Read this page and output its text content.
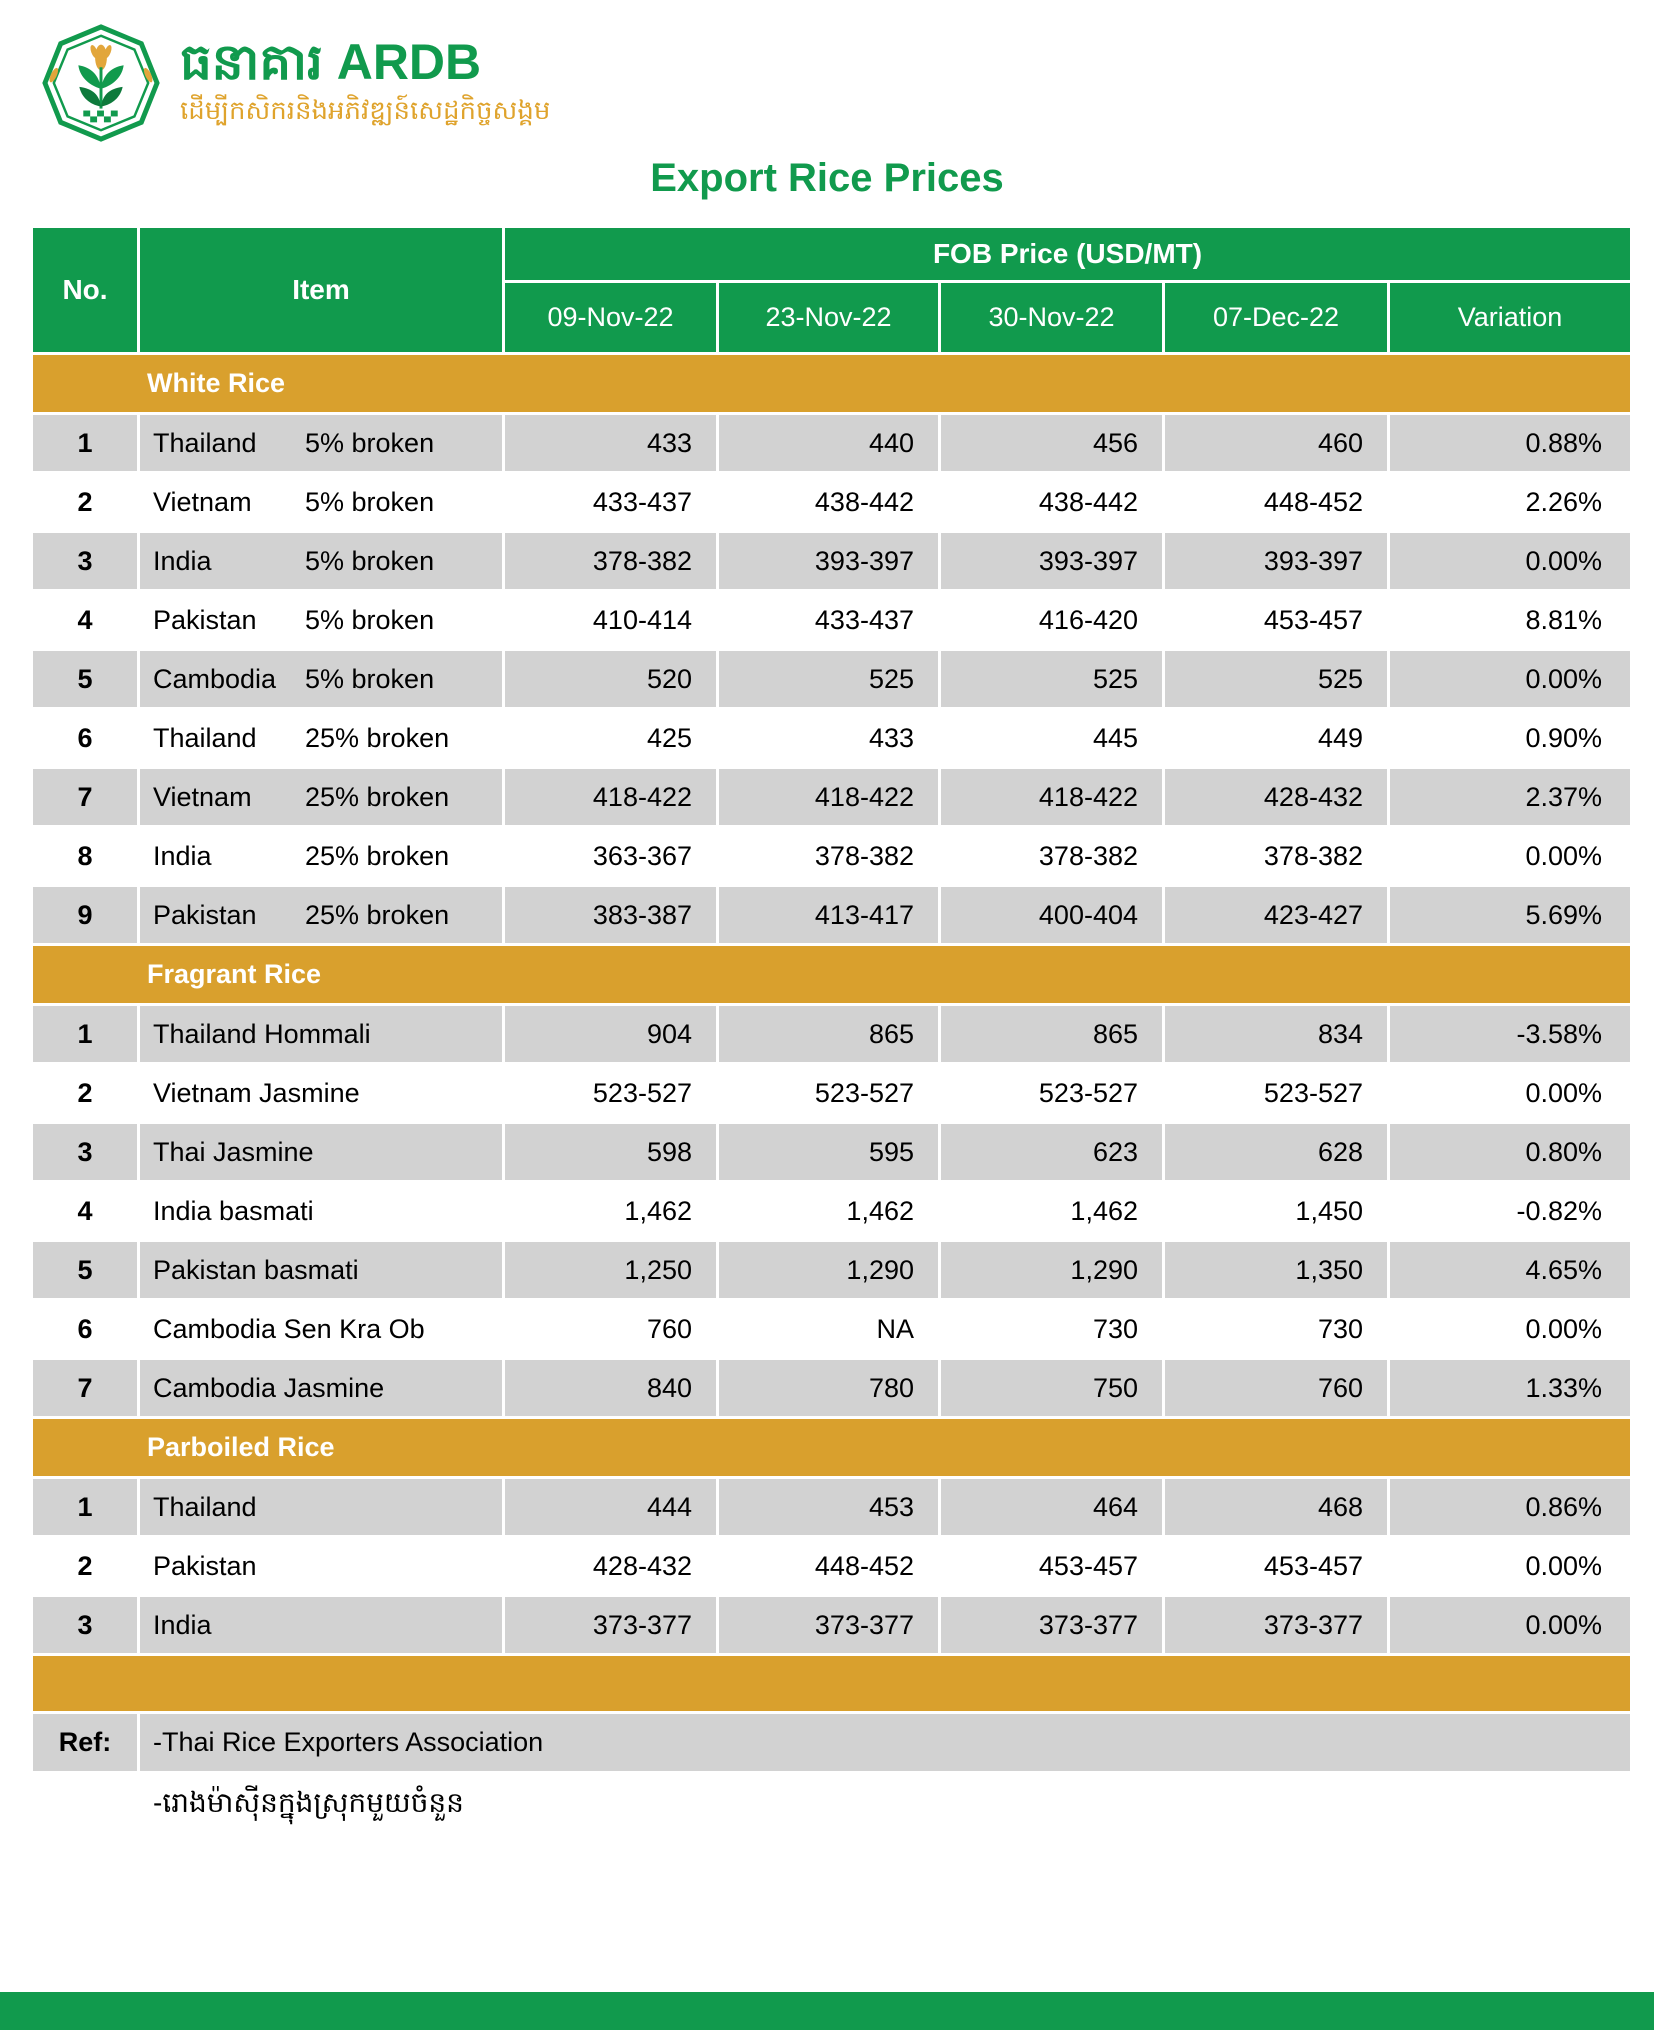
ធនាគារ ARDB
ដើម្បីកសិករនិងអភិវឌ្ឍន៍សេដ្ឋកិច្ចសង្គម
Export Rice Prices
No.	Item	FOB Price (USD/MT)				
		09-Nov-22	23-Nov-22	30-Nov-22	07-Dec-22	Variation
White Rice						
1	Thailand 5% broken	433	440	456	460	0.88%
2	Vietnam 5% broken	433-437	438-442	438-442	448-452	2.26%
3	India 5% broken	378-382	393-397	393-397	393-397	0.00%
4	Pakistan 5% broken	410-414	433-437	416-420	453-457	8.81%
5	Cambodia 5% broken	520	525	525	525	0.00%
6	Thailand 25% broken	425	433	445	449	0.90%
7	Vietnam 25% broken	418-422	418-422	418-422	428-432	2.37%
8	India 25% broken	363-367	378-382	378-382	378-382	0.00%
9	Pakistan 25% broken	383-387	413-417	400-404	423-427	5.69%
Fragrant Rice						
1	Thailand Hommali	904	865	865	834	-3.58%
2	Vietnam Jasmine	523-527	523-527	523-527	523-527	0.00%
3	Thai Jasmine	598	595	623	628	0.80%
4	India basmati	1,462	1,462	1,462	1,450	-0.82%
5	Pakistan basmati	1,250	1,290	1,290	1,350	4.65%
6	Cambodia Sen Kra Ob	760	NA	730	730	0.00%
7	Cambodia Jasmine	840	780	750	760	1.33%
Parboiled Rice						
1	Thailand	444	453	464	468	0.86%
2	Pakistan	428-432	448-452	453-457	453-457	0.00%
3	India	373-377	373-377	373-377	373-377	0.00%

Ref:	-Thai Rice Exporters Association					
	-រោងម៉ាស៊ីនក្នុងស្រុកមួយចំនួន					
